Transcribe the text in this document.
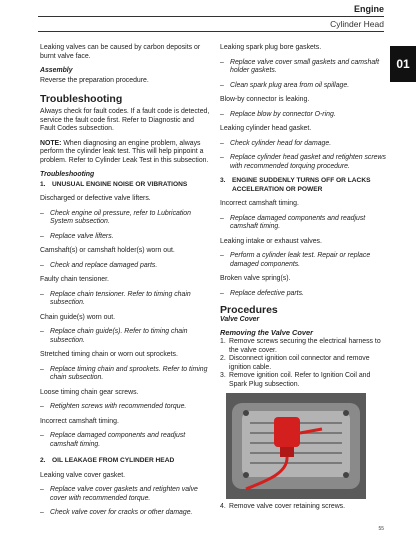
Engine
Cylinder Head
01

Leaking valves can be caused by carbon deposits or burnt valve face.

Assembly

Reverse the preparation procedure.

Troubleshooting

Always check for fault codes. If a fault code is detected, service the fault code first. Refer to Diagnostic and Fault Codes subsection.

NOTE: When diagnosing an engine problem, always perform the cylinder leak test. This will help pinpoint a problem. Refer to Cylinder Leak Test in this subsection.

Troubleshooting
1. UNUSUAL ENGINE NOISE OR VIBRATIONS

Discharged or defective valve lifters.

– Check engine oil pressure, refer to Lubrication System subsection.
– Replace valve lifters.

Camshaft(s) or camshaft holder(s) worn out.

– Check and replace damaged parts.

Faulty chain tensioner.

– Replace chain tensioner. Refer to timing chain subsection.

Chain guide(s) worn out.

– Replace chain guide(s). Refer to timing chain subsection.

Stretched timing chain or worn out sprockets.

– Replace timing chain and sprockets. Refer to timing chain subsection.

Loose timing chain gear screws.

– Retighten screws with recommended torque.

Incorrect camshaft timing.

– Replace damaged components and readjust camshaft timing.
2. OIL LEAKAGE FROM CYLINDER HEAD

Leaking valve cover gasket.

– Replace valve cover gaskets and retighten valve cover with recommended torque.
– Check valve cover for cracks or other damage.

Leaking spark plug bore gaskets.

– Replace valve cover small gaskets and camshaft holder gaskets.
– Clean spark plug area from oil spillage.

Blow-by connector is leaking.

– Replace blow by connector O-ring.

Leaking cylinder head gasket.

– Check cylinder head for damage.
– Replace cylinder head gasket and retighten screws with recommended torquing procedure.
3. ENGINE SUDDENLY TURNS OFF OR LACKS ACCELERATION OR POWER

Incorrect camshaft timing.

– Replace damaged components and readjust camshaft timing.

Leaking intake or exhaust valves.

– Perform a cylinder leak test. Repair or replace damaged components.

Broken valve spring(s).

– Replace defective parts.
Procedures
Valve Cover
Removing the Valve Cover
1. Remove screws securing the electrical harness to the valve cover.
2. Disconnect ignition coil connector and remove ignition cable.
3. Remove ignition coil. Refer to Ignition Coil and Spark Plug subsection.
4. Remove valve cover retaining screws.
55
